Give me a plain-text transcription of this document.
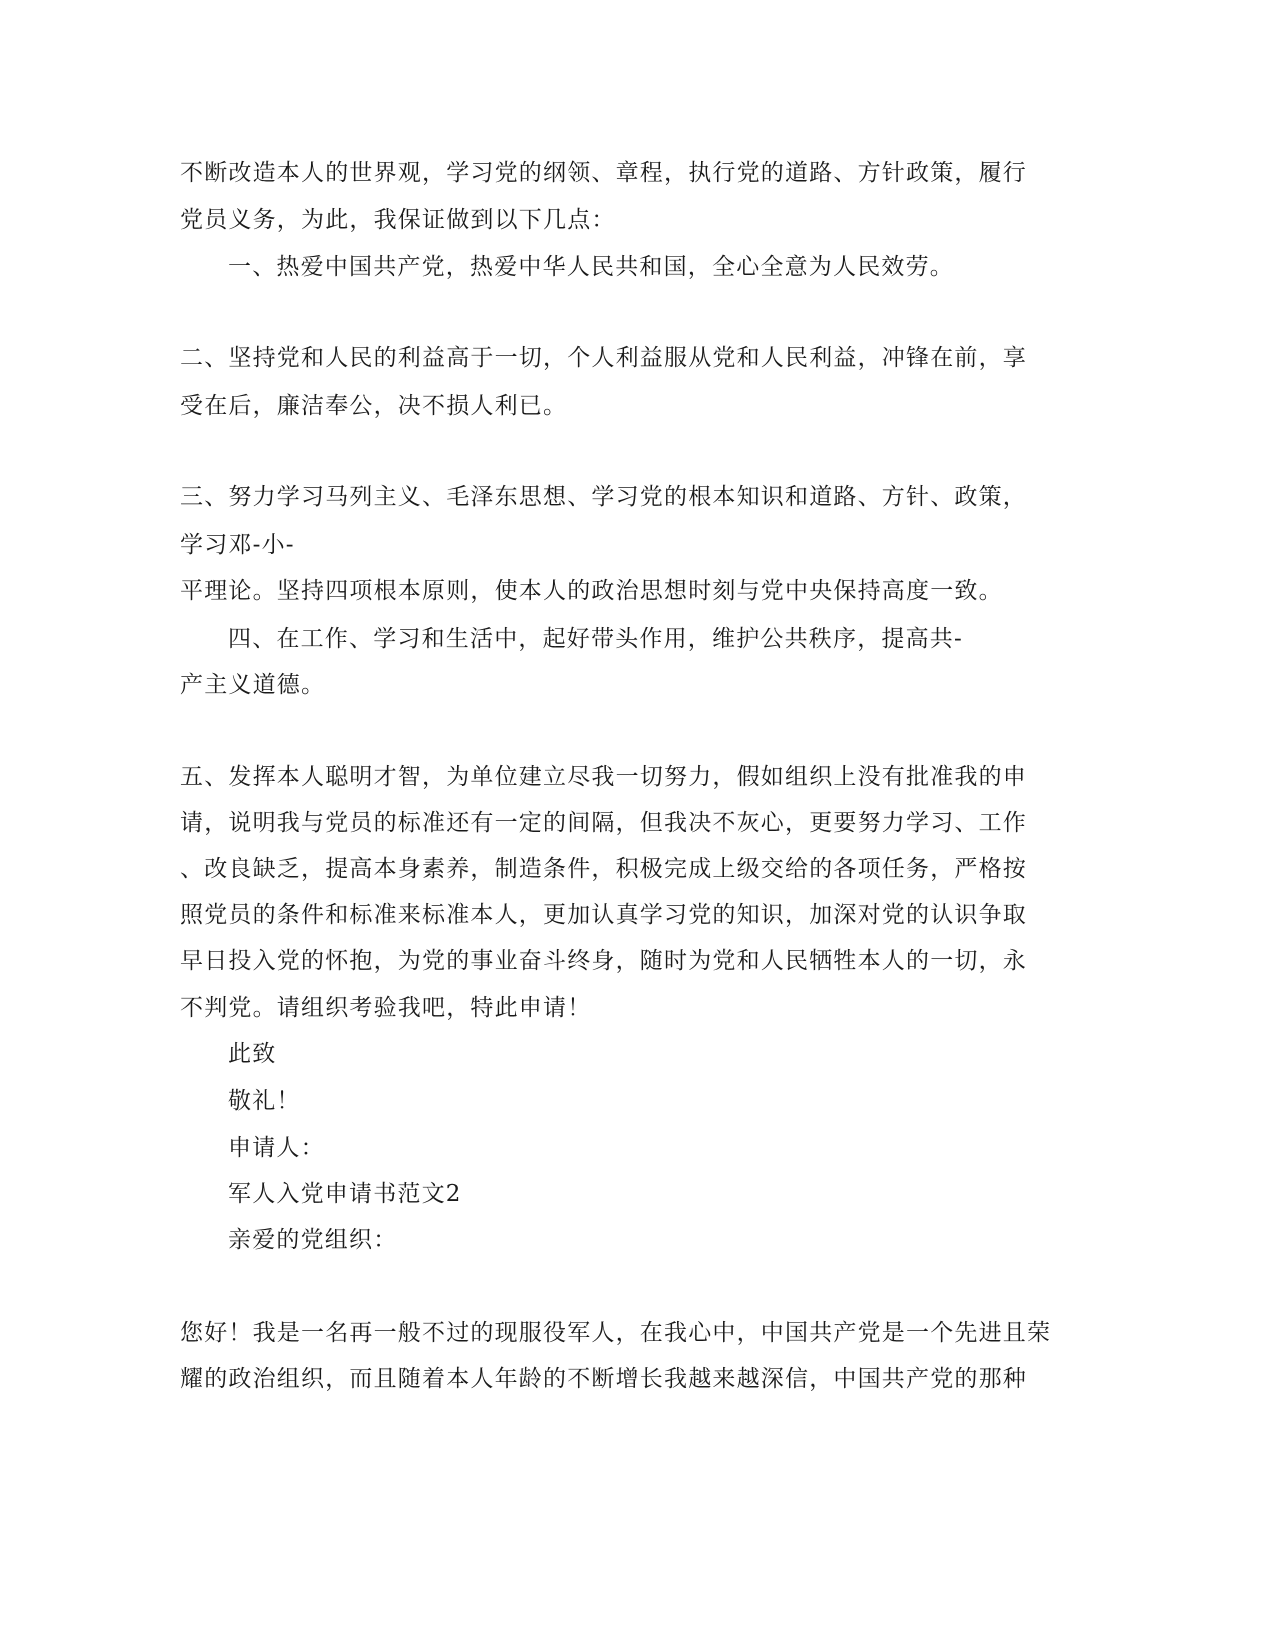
不断改造本人的世界观，学习党的纲领、章程，执行党的道路、方针政策，履行
党员义务，为此，我保证做到以下几点：
一、热爱中国共产党，热爱中华人民共和国，全心全意为人民效劳。
二、坚持党和人民的利益高于一切，个人利益服从党和人民利益，冲锋在前，享
受在后，廉洁奉公，决不损人利已。
三、努力学习马列主义、毛泽东思想、学习党的根本知识和道路、方针、政策，
学习邓-小-
平理论。坚持四项根本原则，使本人的政治思想时刻与党中央保持高度一致。
四、在工作、学习和生活中，起好带头作用，维护公共秩序，提高共-
产主义道德。
五、发挥本人聪明才智，为单位建立尽我一切努力，假如组织上没有批准我的申
请，说明我与党员的标准还有一定的间隔，但我决不灰心，更要努力学习、工作
、改良缺乏，提高本身素养，制造条件，积极完成上级交给的各项任务，严格按
照党员的条件和标准来标准本人，更加认真学习党的知识，加深对党的认识争取
早日投入党的怀抱，为党的事业奋斗终身，随时为党和人民牺牲本人的一切，永
不判党。请组织考验我吧，特此申请！
此致
敬礼！
申请人：
军人入党申请书范文2
亲爱的党组织：
您好！我是一名再一般不过的现服役军人，在我心中，中国共产党是一个先进且荣
耀的政治组织，而且随着本人年龄的不断增长我越来越深信，中国共产党的那种
